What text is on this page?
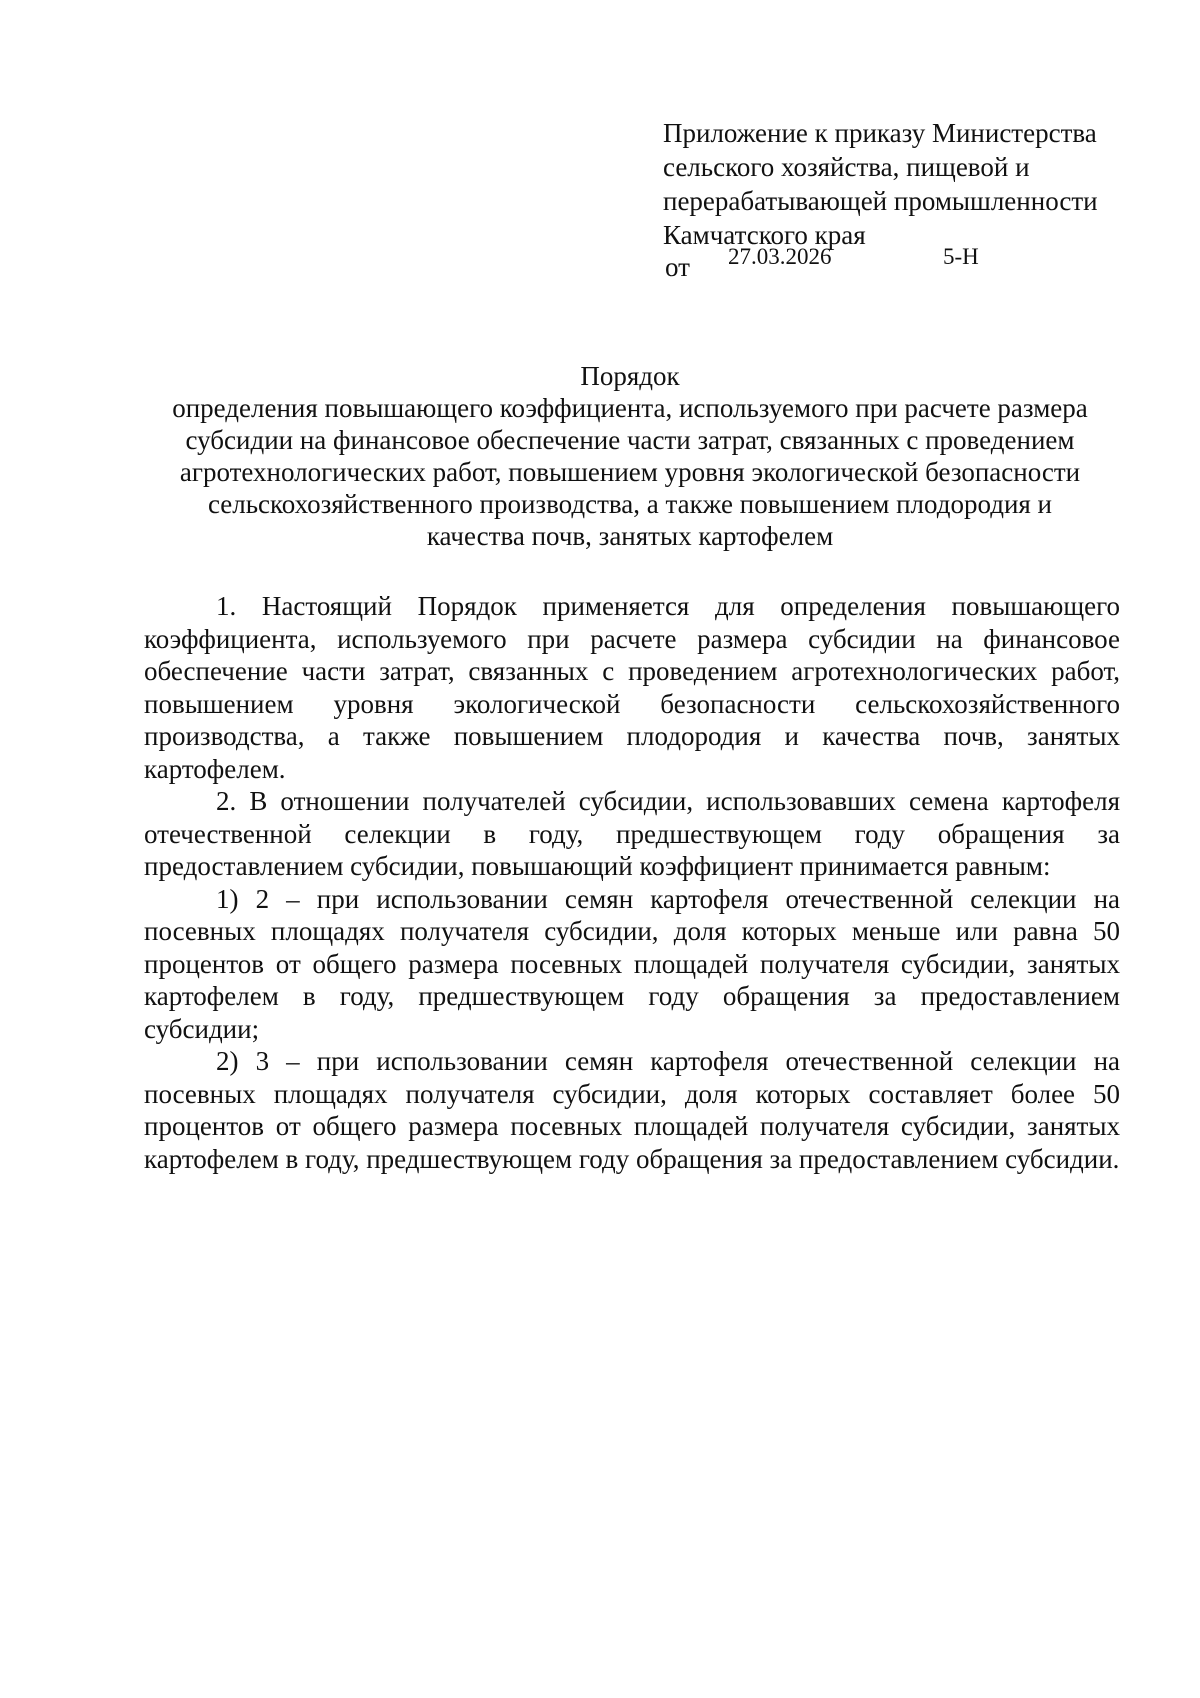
Приложение к приказу Министерства
сельского хозяйства, пищевой и
перерабатывающей промышленности
Камчатского края
от 27.03.2026	5-Н
Порядок
определения повышающего коэффициента, используемого при расчете размера
субсидии на финансовое обеспечение части затрат, связанных с проведением
агротехнологических работ, повышением уровня экологической безопасности
сельскохозяйственного производства, а также повышением плодородия и
качества почв, занятых картофелем

1. Настоящий Порядок применяется для определения повышающего коэффициента, используемого при расчете размера субсидии на финансовое обеспечение части затрат, связанных с проведением агротехнологических работ, повышением уровня экологической безопасности сельскохозяйственного производства, а также повышением плодородия и качества почв, занятых картофелем.

2. В отношении получателей субсидии, использовавших семена картофеля отечественной селекции в году, предшествующем году обращения за предоставлением субсидии, повышающий коэффициент принимается равным:

1) 2 – при использовании семян картофеля отечественной селекции на посевных площадях получателя субсидии, доля которых меньше или равна 50 процентов от общего размера посевных площадей получателя субсидии, занятых картофелем в году, предшествующем году обращения за предоставлением субсидии;

2) 3 – при использовании семян картофеля отечественной селекции на посевных площадях получателя субсидии, доля которых составляет более 50 процентов от общего размера посевных площадей получателя субсидии, занятых картофелем в году, предшествующем году обращения за предоставлением субсидии.
